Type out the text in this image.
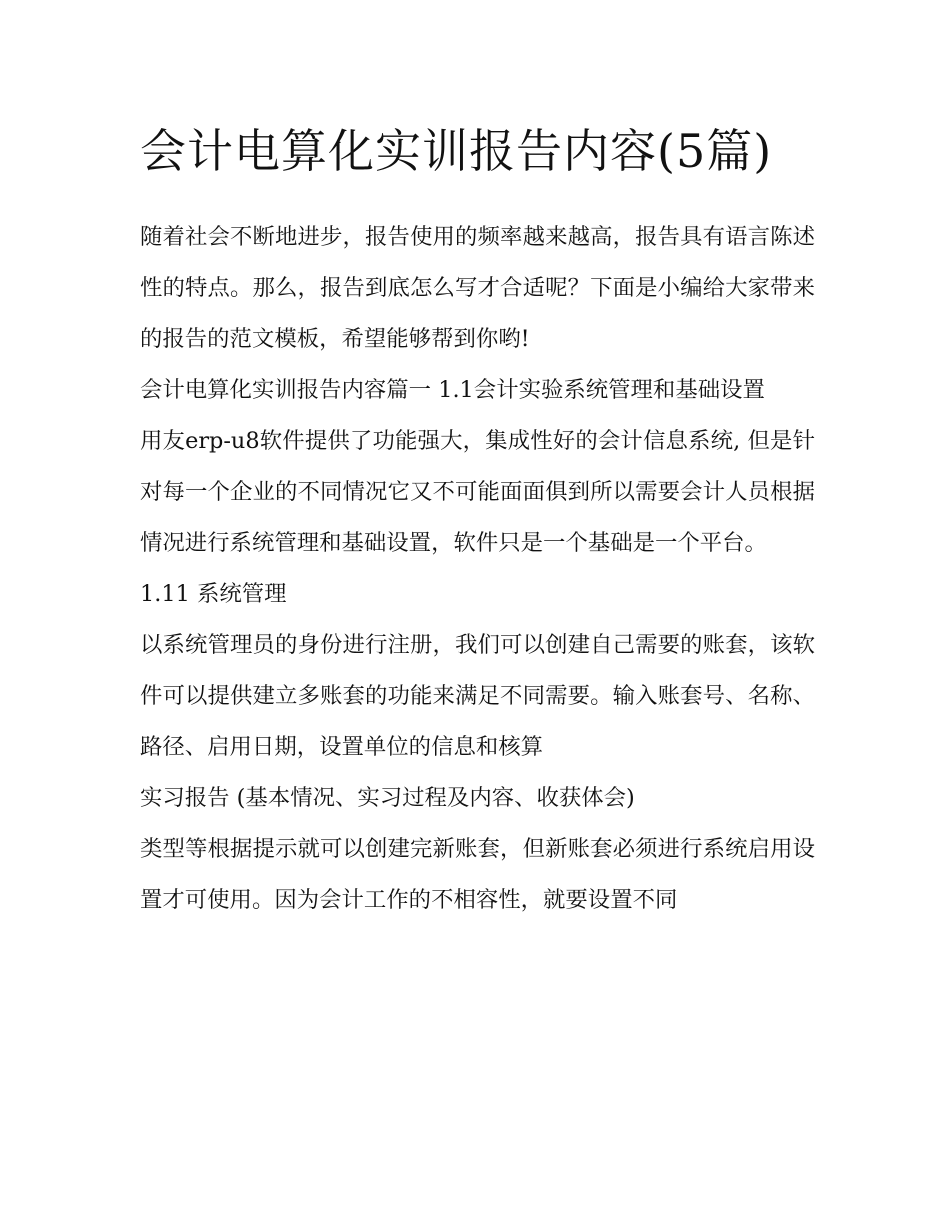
会计电算化实训报告内容(5篇)

随着社会不断地进步，报告使用的频率越来越高，报告具有语言陈述性的特点。那么，报告到底怎么写才合适呢？下面是小编给大家带来的报告的范文模板，希望能够帮到你哟!

会计电算化实训报告内容篇一 1.1会计实验系统管理和基础设置

用友erp-u8软件提供了功能强大，集成性好的会计信息系统, 但是针对每一个企业的不同情况它又不可能面面俱到所以需要会计人员根据情况进行系统管理和基础设置，软件只是一个基础是一个平台。

1.11 系统管理

以系统管理员的身份进行注册，我们可以创建自己需要的账套，该软件可以提供建立多账套的功能来满足不同需要。输入账套号、名称、路径、启用日期，设置单位的信息和核算

实习报告 (基本情况、实习过程及内容、收获体会)

类型等根据提示就可以创建完新账套，但新账套必须进行系统启用设置才可使用。因为会计工作的不相容性，就要设置不同
